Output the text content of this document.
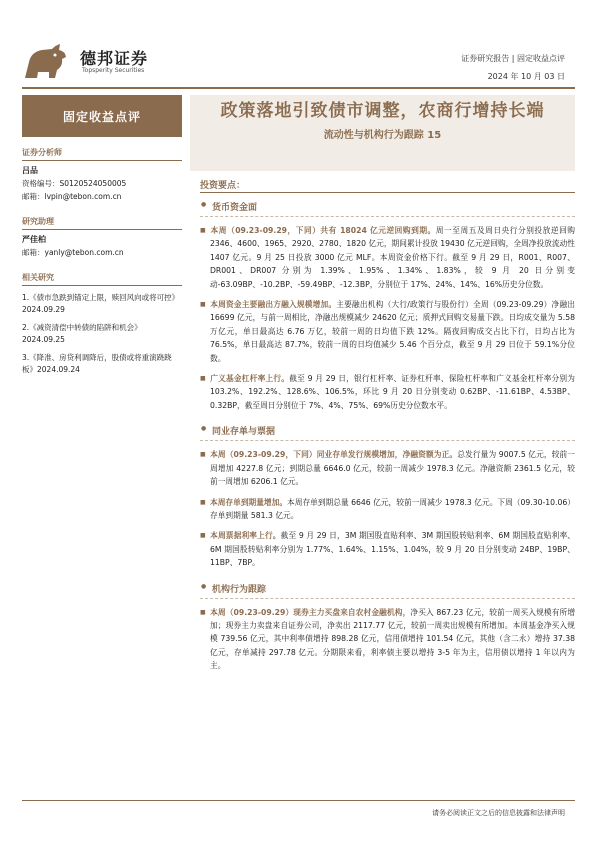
德邦证券
Topsperity Securities
证券研究报告 | 固定收益点评
2024 年 10 月 03 日
固定收益点评
证券分析师
吕品
资格编号：S0120524050005
邮箱：lvpin@tebon.com.cn
研究助理
严佳柏
邮箱：yanly@tebon.com.cn
相关研究
1.《债市急跌到锚定上限，赎回风向或将可控》2024.09.29
2.《减资清偿中转债的陷阱和机会》2024.09.25
3.《降准、房贷利调降后，股债或将重演跷跷板》2024.09.24
政策落地引致债市调整，农商行增持长端
流动性与机构行为跟踪 15
投资要点：
● 货币资金面
■ 本周（09.23-09.29，下同）共有 18024 亿元逆回购到期。周一至周五及周日央行分别投放逆回购 2346、4600、1965、2920、2780、1820 亿元，期间累计投放 19430 亿元逆回购，全周净投放流动性 1407 亿元。9 月 25 日投放 3000 亿元 MLF。本周资金价格下行。截至 9 月 29 日，R001、R007、DR001、DR007 分别为 1.39%、1.95%、1.34%、1.83%，较 9 月 20 日分别变动-63.09BP、-10.2BP、-59.49BP、-12.3BP，分别位于 17%、24%、14%、16%历史分位数。
■ 本周资金主要融出方融入规模增加。主要融出机构（大行/政策行与股份行）全周（09.23-09.29）净融出 16699 亿元，与前一周相比，净融出规模减少 24620 亿元；质押式回购交易量下跌。日均成交量为 5.58 万亿元，单日最高达 6.76 万亿，较前一周的日均值下跌 12%。隔夜回购成交占比下行，日均占比为 76.5%，单日最高达 87.7%，较前一周的日均值减少 5.46 个百分点，截至 9 月 29 日位于 59.1%分位数。
■ 广义基金杠杆率上行。截至 9 月 29 日，银行杠杆率、证券杠杆率、保险杠杆率和广义基金杠杆率分别为 103.2%、192.2%、128.6%、106.5%，环比 9 月 20 日分别变动 0.62BP、-11.61BP、4.53BP、0.32BP，截至周日分别位于 7%、4%、75%、69%历史分位数水平。
● 同业存单与票据
■ 本周（09.23-09.29，下同）同业存单发行规模增加，净融资额为正。总发行量为 9007.5 亿元，较前一周增加 4227.8 亿元；到期总量 6646.0 亿元，较前一周减少 1978.3 亿元。净融资额 2361.5 亿元，较前一周增加 6206.1 亿元。
■ 本周存单到期量增加。本周存单到期总量 6646 亿元，较前一周减少 1978.3 亿元。下周（09.30-10.06）存单到期量 581.3 亿元。
■ 本周票据利率上行。截至 9 月 29 日，3M 期国股直贴利率、3M 期国股转贴利率、6M 期国股直贴利率、6M 期国股转贴利率分别为 1.77%、1.64%、1.15%、1.04%，较 9 月 20 日分别变动 24BP、19BP、11BP、7BP。
● 机构行为跟踪
■ 本周（09.23-09.29）现券主力买盘来自农村金融机构，净买入 867.23 亿元，较前一周买入规模有所增加；现券主力卖盘来自证券公司，净卖出 2117.77 亿元，较前一周卖出规模有所增加。本周基金净买入规模 739.56 亿元，其中利率债增持 898.28 亿元，信用债增持 101.54 亿元，其他（含二永）增持 37.38 亿元，存单减持 297.78 亿元。分期限来看，利率债主要以增持 3-5 年为主，信用债以增持 1 年以内为主。
请务必阅读正文之后的信息披露和法律声明
